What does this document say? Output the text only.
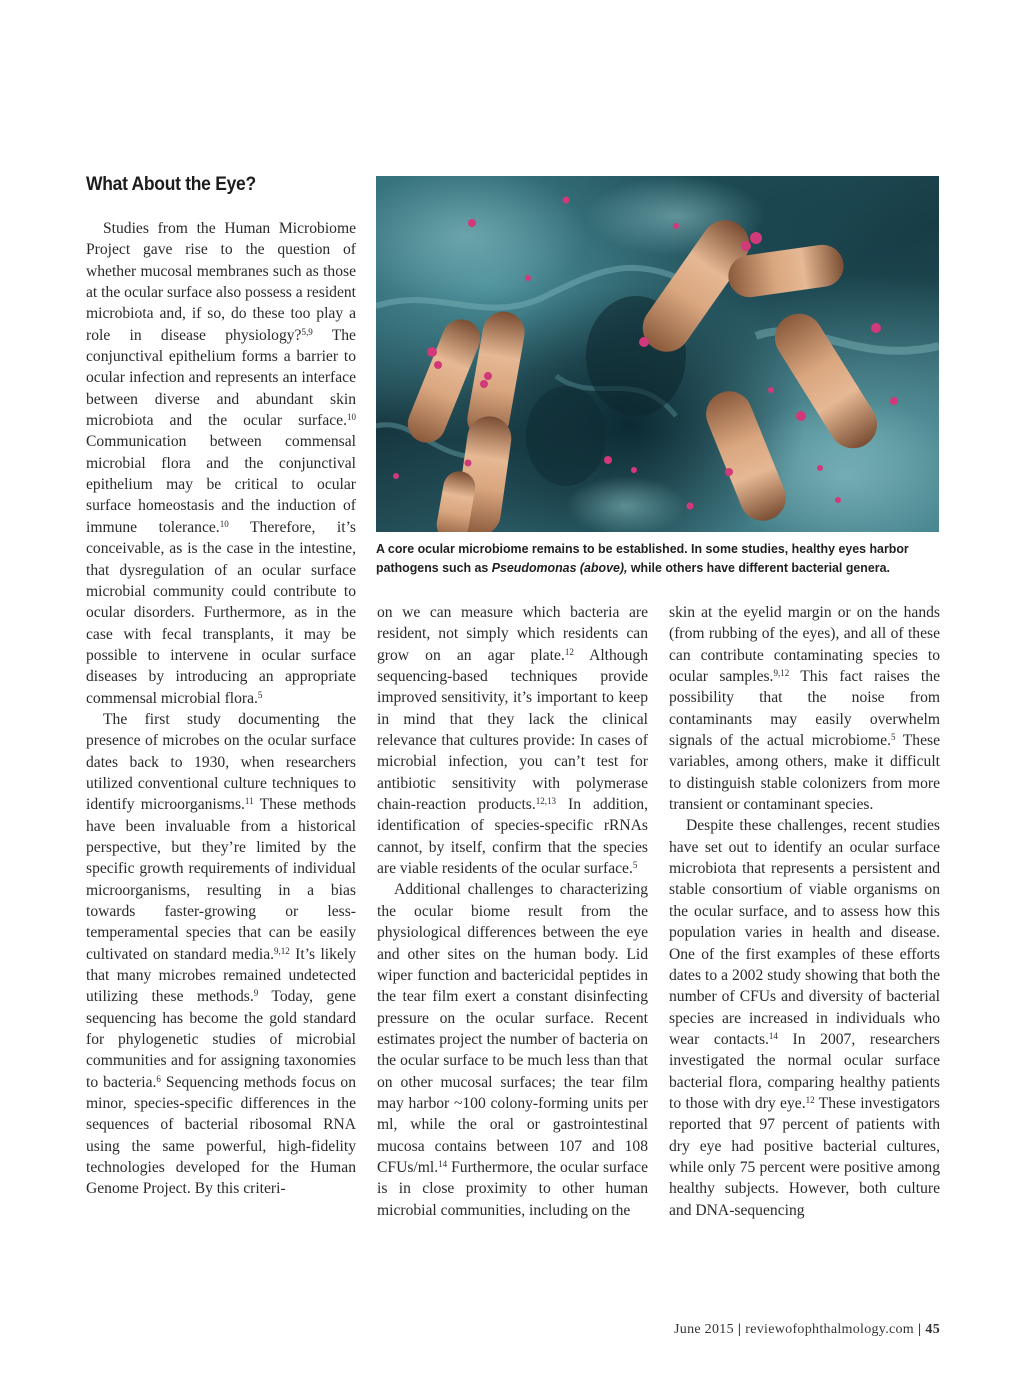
What About the Eye?

Studies from the Human Microbiome Project gave rise to the question of whether mucosal membranes such as those at the ocular surface also possess a resident microbiota and, if so, do these too play a role in disease physiology?$^{5,9}$ The conjunctival epithelium forms a barrier to ocular infection and represents an interface between diverse and abundant skin microbiota and the ocular surface.$^{10}$ Communication between commensal microbial flora and the conjunctival epithelium may be critical to ocular surface homeostasis and the induction of immune tolerance.$^{10}$ Therefore, it’s conceivable, as is the case in the intestine, that dysregulation of an ocular surface microbial community could contribute to ocular disorders. Furthermore, as in the case with fecal transplants, it may be possible to intervene in ocular surface diseases by introducing an appropriate commensal microbial flora.$^5$

The first study documenting the presence of microbes on the ocular surface dates back to 1930, when researchers utilized conventional culture techniques to identify microorganisms.$^{11}$ These methods have been invaluable from a historical perspective, but they’re limited by the specific growth requirements of individual microorganisms, resulting in a bias towards faster-growing or less-temperamental species that can be easily cultivated on standard media.$^{9,12}$ It’s likely that many microbes remained undetected utilizing these methods.$^9$ Today, gene sequencing has become the gold standard for phylogenetic studies of microbial communities and for assigning taxonomies to bacteria.$^6$ Sequencing methods focus on minor, species-specific differences in the sequences of bacterial ribosomal RNA using the same powerful, high-fidelity technologies developed for the Human Genome Project. By this criteri-

A core ocular microbiome remains to be established. In some studies, healthy eyes harbor pathogens such as Pseudomonas (above), while others have different bacterial genera.

on we can measure which bacteria are resident, not simply which residents can grow on an agar plate.$^{12}$ Although sequencing-based techniques provide improved sensitivity, it’s important to keep in mind that they lack the clinical relevance that cultures provide: In cases of microbial infection, you can’t test for antibiotic sensitivity with polymerase chain-reaction products.$^{12,13}$ In addition, identification of species-specific rRNAs cannot, by itself, confirm that the species are viable residents of the ocular surface.$^5$

Additional challenges to characterizing the ocular biome result from the physiological differences between the eye and other sites on the human body. Lid wiper function and bactericidal peptides in the tear film exert a constant disinfecting pressure on the ocular surface. Recent estimates project the number of bacteria on the ocular surface to be much less than that on other mucosal surfaces; the tear film may harbor ~100 colony-forming units per ml, while the oral or gastrointestinal mucosa contains between 107 and 108 CFUs/ml.$^{14}$ Furthermore, the ocular surface is in close proximity to other human microbial communities, including on the

skin at the eyelid margin or on the hands (from rubbing of the eyes), and all of these can contribute contaminating species to ocular samples.$^{9,12}$ This fact raises the possibility that the noise from contaminants may easily overwhelm signals of the actual microbiome.$^5$ These variables, among others, make it difficult to distinguish stable colonizers from more transient or contaminant species.

Despite these challenges, recent studies have set out to identify an ocular surface microbiota that represents a persistent and stable consortium of viable organisms on the ocular surface, and to assess how this population varies in health and disease. One of the first examples of these efforts dates to a 2002 study showing that both the number of CFUs and diversity of bacterial species are increased in individuals who wear contacts.$^{14}$ In 2007, researchers investigated the normal ocular surface bacterial flora, comparing healthy patients to those with dry eye.$^{12}$ These investigators reported that 97 percent of patients with dry eye had positive bacterial cultures, while only 75 percent were positive among healthy subjects. However, both culture and DNA-sequencing

June 2015 | reviewofophthalmology.com | 45
